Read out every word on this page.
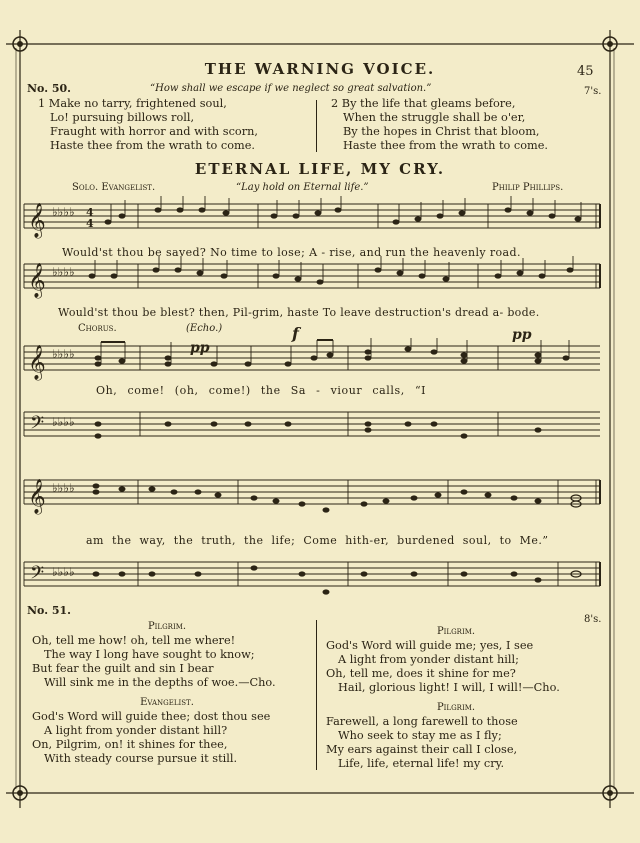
No. 50.
THE WARNING VOICE.	45
“How shall we escape if we neglect so great salvation.”	7's.
1 Make no tarry, frightened soul,
Lo! pursuing billows roll,
Fraught with horror and with scorn,
Haste thee from the wrath to come.
2 By the life that gleams before,
When the struggle shall be o'er,
By the hopes in Christ that bloom,
Haste thee from the wrath to come.
ETERNAL LIFE, MY CRY.
Solo. Evangelist.	“Lay hold on Eternal life.”	Philip Phillips.
𝄞 ♭♭♭♭ 4
4
Would'st thou be saved? No time to lose; A - rise, and run the heavenly road.
𝄞 ♭♭♭♭
Would'st thou be blest? then, Pil-grim, haste To leave destruction's dread a- bode.
Chorus.	(Echo.)
pp
f	pp
𝄞 ♭♭♭♭
Oh, come! (oh, come!) the Sa - viour calls, “I
𝄢 ♭♭♭♭
𝄞 ♭♭♭♭
am the way, the truth, the life; Come hith-er, burdened soul, to Me.”
𝄢 ♭♭♭♭
No. 51.
8's.
Pilgrim.
Oh, tell me how! oh, tell me where!
The way I long have sought to know;
But fear the guilt and sin I bear
Will sink me in the depths of woe.—Cho.
Evangelist.
God's Word will guide thee; dost thou see
A light from yonder distant hill?
On, Pilgrim, on! it shines for thee,
With steady course pursue it still.
Pilgrim.
God's Word will guide me; yes, I see
A light from yonder distant hill;
Oh, tell me, does it shine for me?
Hail, glorious light! I will, I will!—Cho.
Pilgrim.
Farewell, a long farewell to those
Who seek to stay me as I fly;
My ears against their call I close,
Life, life, eternal life! my cry.
